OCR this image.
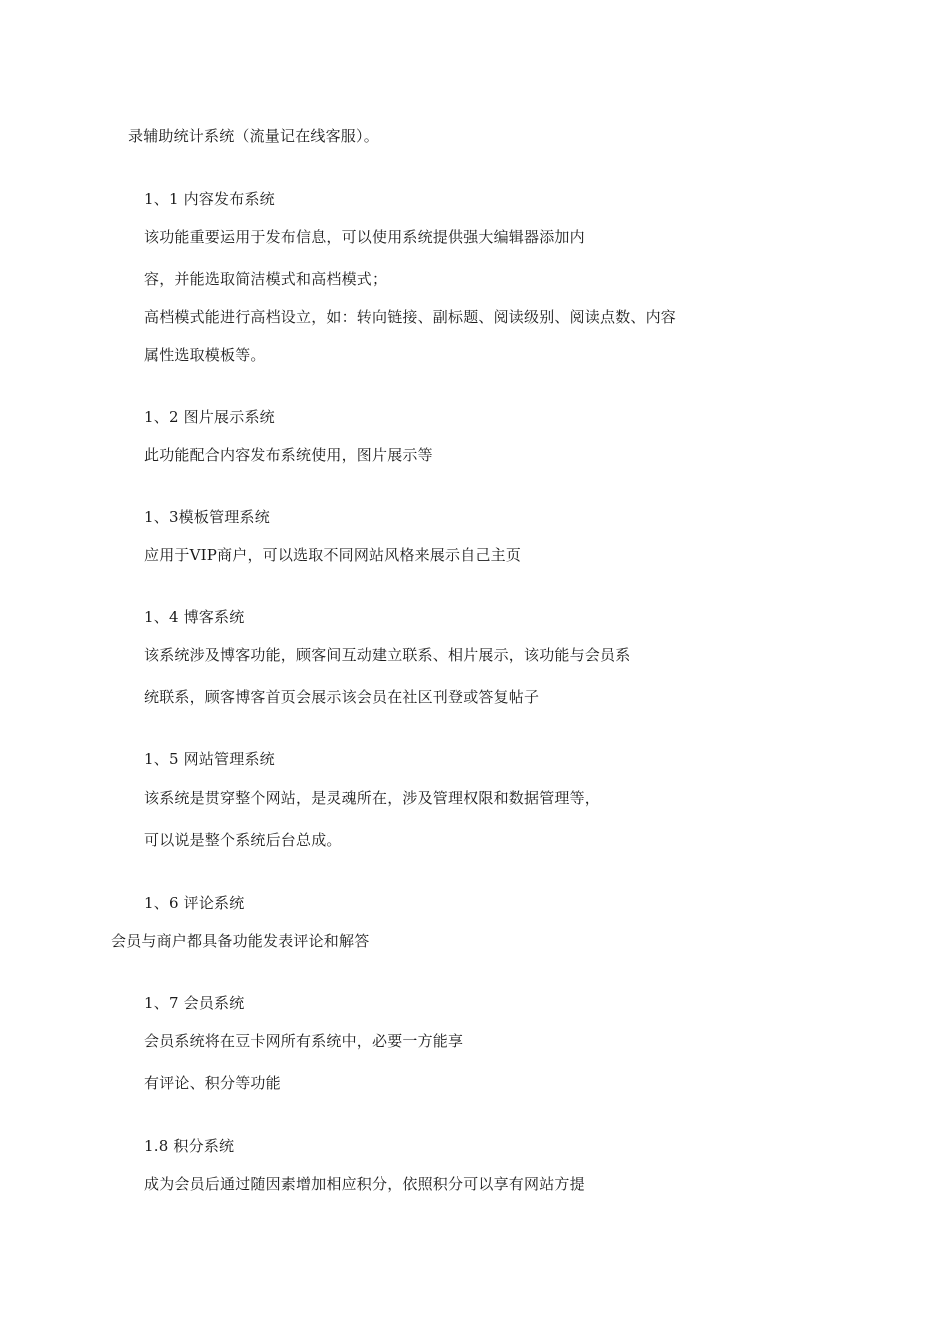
录辅助统计系统（流量记在线客服）。
1、1 内容发布系统
该功能重要运用于发布信息，可以使用系统提供强大编辑器添加内
容，并能选取简洁模式和高档模式；
高档模式能进行高档设立，如：转向链接、副标题、阅读级别、阅读点数、内容
属性选取模板等。
1、2 图片展示系统
此功能配合内容发布系统使用，图片展示等
1、3模板管理系统
应用于VIP商户，可以选取不同网站风格来展示自己主页
1、4 博客系统
该系统涉及博客功能，顾客间互动建立联系、相片展示，该功能与会员系
统联系，顾客博客首页会展示该会员在社区刊登或答复帖子
1、5 网站管理系统
该系统是贯穿整个网站，是灵魂所在，涉及管理权限和数据管理等，
可以说是整个系统后台总成。
1、6 评论系统
会员与商户都具备功能发表评论和解答
1、7 会员系统
会员系统将在豆卡网所有系统中，必要一方能享
有评论、积分等功能
1.8 积分系统
成为会员后通过随因素增加相应积分，依照积分可以享有网站方提
